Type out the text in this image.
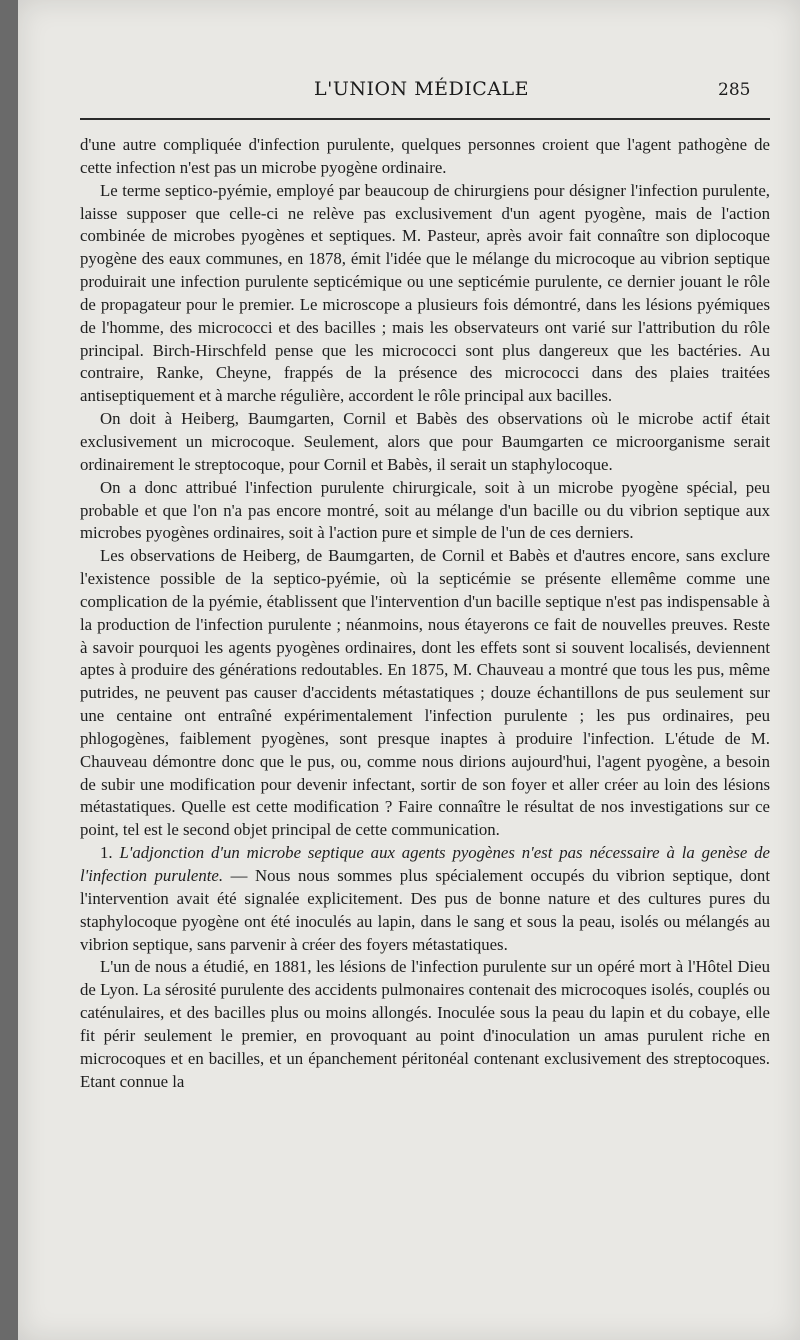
L'UNION MÉDICALE	285

d'une autre compliquée d'infection purulente, quelques personnes croient que l'agent pathogène de cette infection n'est pas un microbe pyogène ordinaire.

Le terme septico-pyémie, employé par beaucoup de chirurgiens pour désigner l'infection purulente, laisse supposer que celle-ci ne relève pas exclusivement d'un agent pyogène, mais de l'action combinée de microbes pyogènes et septiques. M. Pasteur, après avoir fait connaître son diplocoque pyogène des eaux communes, en 1878, émit l'idée que le mélange du microcoque au vibrion septique produirait une infection purulente septicémique ou une septicémie purulente, ce dernier jouant le rôle de propagateur pour le premier. Le microscope a plusieurs fois démontré, dans les lésions pyémiques de l'homme, des micrococci et des bacilles ; mais les observateurs ont varié sur l'attribution du rôle principal. Birch-Hirschfeld pense que les micrococci sont plus dangereux que les bactéries. Au contraire, Ranke, Cheyne, frappés de la présence des micrococci dans des plaies traitées antiseptiquement et à marche régulière, accordent le rôle principal aux bacilles.

On doit à Heiberg, Baumgarten, Cornil et Babès des observations où le microbe actif était exclusivement un microcoque. Seulement, alors que pour Baumgarten ce microorganisme serait ordinairement le streptocoque, pour Cornil et Babès, il serait un staphylocoque.

On a donc attribué l'infection purulente chirurgicale, soit à un microbe pyogène spécial, peu probable et que l'on n'a pas encore montré, soit au mélange d'un bacille ou du vibrion septique aux microbes pyogènes ordinaires, soit à l'action pure et simple de l'un de ces derniers.

Les observations de Heiberg, de Baumgarten, de Cornil et Babès et d'autres encore, sans exclure l'existence possible de la septico-pyémie, où la septicémie se présente ellemême comme une complication de la pyémie, établissent que l'intervention d'un bacille septique n'est pas indispensable à la production de l'infection purulente ; néanmoins, nous étayerons ce fait de nouvelles preuves. Reste à savoir pourquoi les agents pyogènes ordinaires, dont les effets sont si souvent localisés, deviennent aptes à produire des générations redoutables. En 1875, M. Chauveau a montré que tous les pus, même putrides, ne peuvent pas causer d'accidents métastatiques ; douze échantillons de pus seulement sur une centaine ont entraîné expérimentalement l'infection purulente ; les pus ordinaires, peu phlogogènes, faiblement pyogènes, sont presque inaptes à produire l'infection. L'étude de M. Chauveau démontre donc que le pus, ou, comme nous dirions aujourd'hui, l'agent pyogène, a besoin de subir une modification pour devenir infectant, sortir de son foyer et aller créer au loin des lésions métastatiques. Quelle est cette modification ? Faire connaître le résultat de nos investigations sur ce point, tel est le second objet principal de cette communication.

1. L'adjonction d'un microbe septique aux agents pyogènes n'est pas nécessaire à la genèse de l'infection purulente. — Nous nous sommes plus spécialement occupés du vibrion septique, dont l'intervention avait été signalée explicitement. Des pus de bonne nature et des cultures pures du staphylocoque pyogène ont été inoculés au lapin, dans le sang et sous la peau, isolés ou mélangés au vibrion septique, sans parvenir à créer des foyers métastatiques.

L'un de nous a étudié, en 1881, les lésions de l'infection purulente sur un opéré mort à l'Hôtel Dieu de Lyon. La sérosité purulente des accidents pulmonaires contenait des microcoques isolés, couplés ou caténulaires, et des bacilles plus ou moins allongés. Inoculée sous la peau du lapin et du cobaye, elle fit périr seulement le premier, en provoquant au point d'inoculation un amas purulent riche en microcoques et en bacilles, et un épanchement péritonéal contenant exclusivement des streptocoques. Etant connue la
